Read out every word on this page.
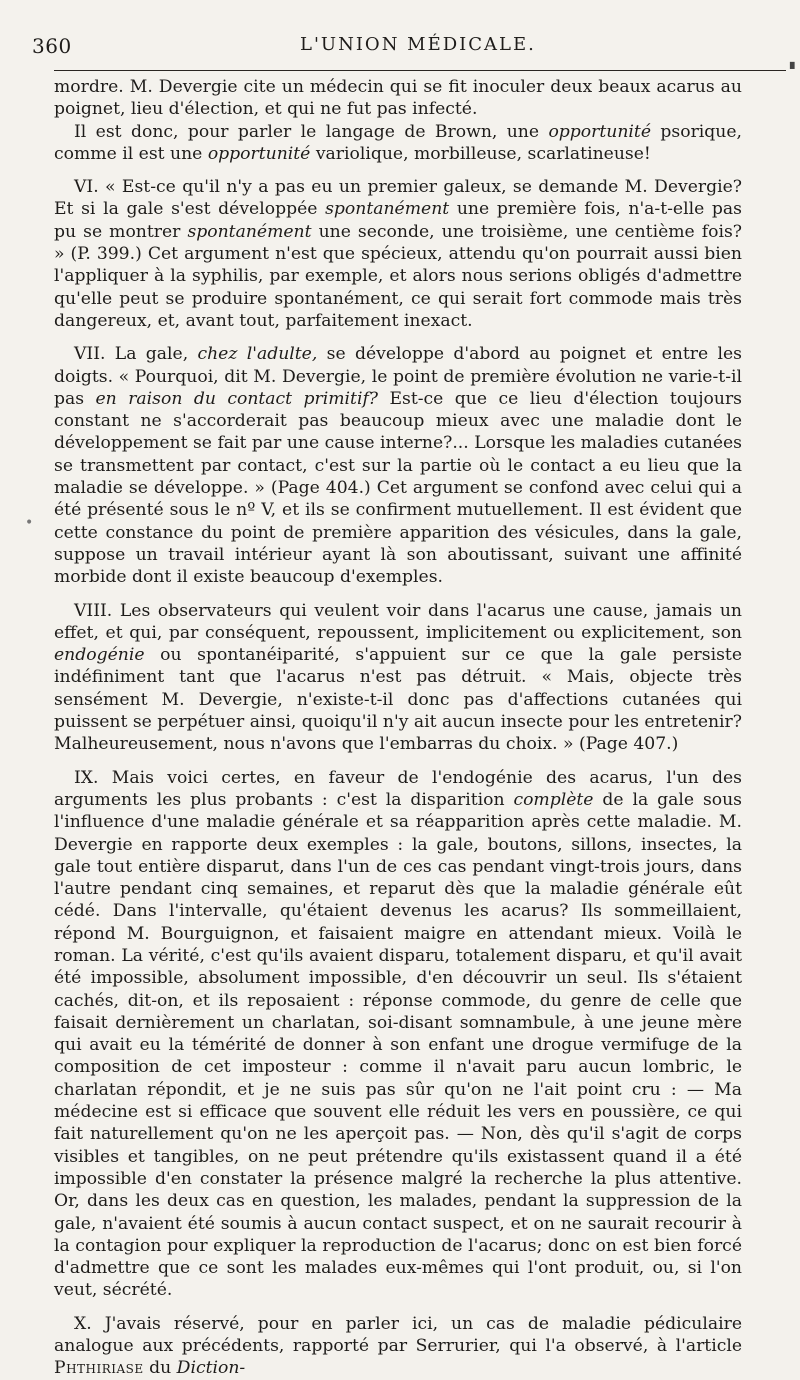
360	L'UNION MÉDICALE.
▘
•

mordre. M. Devergie cite un médecin qui se fit inoculer deux beaux acarus au poignet, lieu d'élection, et qui ne fut pas infecté.

Il est donc, pour parler le langage de Brown, une opportunité psorique, comme il est une opportunité variolique, morbilleuse, scarlatineuse!

VI. « Est-ce qu'il n'y a pas eu un premier galeux, se demande M. Devergie? Et si la gale s'est développée spontanément une première fois, n'a-t-elle pas pu se montrer spontanément une seconde, une troisième, une centième fois? » (P. 399.) Cet argument n'est que spécieux, attendu qu'on pourrait aussi bien l'appliquer à la syphilis, par exemple, et alors nous serions obligés d'admettre qu'elle peut se produire spontanément, ce qui serait fort commode mais très dangereux, et, avant tout, parfaitement inexact.

VII. La gale, chez l'adulte, se développe d'abord au poignet et entre les doigts. « Pourquoi, dit M. Devergie, le point de première évolution ne varie-t-il pas en raison du contact primitif? Est-ce que ce lieu d'élection toujours constant ne s'accorderait pas beaucoup mieux avec une maladie dont le développement se fait par une cause interne?... Lorsque les maladies cutanées se transmettent par contact, c'est sur la partie où le contact a eu lieu que la maladie se développe. » (Page 404.) Cet argument se confond avec celui qui a été présenté sous le nº V, et ils se confirment mutuellement. Il est évident que cette constance du point de première apparition des vésicules, dans la gale, suppose un travail intérieur ayant là son aboutissant, suivant une affinité morbide dont il existe beaucoup d'exemples.

VIII. Les observateurs qui veulent voir dans l'acarus une cause, jamais un effet, et qui, par conséquent, repoussent, implicitement ou explicitement, son endogénie ou spontanéiparité, s'appuient sur ce que la gale persiste indéfiniment tant que l'acarus n'est pas détruit. « Mais, objecte très sensément M. Devergie, n'existe-t-il donc pas d'affections cutanées qui puissent se perpétuer ainsi, quoiqu'il n'y ait aucun insecte pour les entretenir? Malheureusement, nous n'avons que l'embarras du choix. » (Page 407.)

IX. Mais voici certes, en faveur de l'endogénie des acarus, l'un des arguments les plus probants : c'est la disparition complète de la gale sous l'influence d'une maladie générale et sa réapparition après cette maladie. M. Devergie en rapporte deux exemples : la gale, boutons, sillons, insectes, la gale tout entière disparut, dans l'un de ces cas pendant vingt-trois jours, dans l'autre pendant cinq semaines, et reparut dès que la maladie générale eût cédé. Dans l'intervalle, qu'étaient devenus les acarus? Ils sommeillaient, répond M. Bourguignon, et faisaient maigre en attendant mieux. Voilà le roman. La vérité, c'est qu'ils avaient disparu, totalement disparu, et qu'il avait été impossible, absolument impossible, d'en découvrir un seul. Ils s'étaient cachés, dit-on, et ils reposaient : réponse commode, du genre de celle que faisait dernièrement un charlatan, soi-disant somnambule, à une jeune mère qui avait eu la témérité de donner à son enfant une drogue vermifuge de la composition de cet imposteur : comme il n'avait paru aucun lombric, le charlatan répondit, et je ne suis pas sûr qu'on ne l'ait point cru : — Ma médecine est si efficace que souvent elle réduit les vers en poussière, ce qui fait naturellement qu'on ne les aperçoit pas. — Non, dès qu'il s'agit de corps visibles et tangibles, on ne peut prétendre qu'ils existassent quand il a été impossible d'en constater la présence malgré la recherche la plus attentive. Or, dans les deux cas en question, les malades, pendant la suppression de la gale, n'avaient été soumis à aucun contact suspect, et on ne saurait recourir à la contagion pour expliquer la reproduction de l'acarus; donc on est bien forcé d'admettre que ce sont les malades eux-mêmes qui l'ont produit, ou, si l'on veut, sécrété.

X. J'avais réservé, pour en parler ici, un cas de maladie pédiculaire analogue aux précédents, rapporté par Serrurier, qui l'a observé, à l'article Phthiriase du Diction-
